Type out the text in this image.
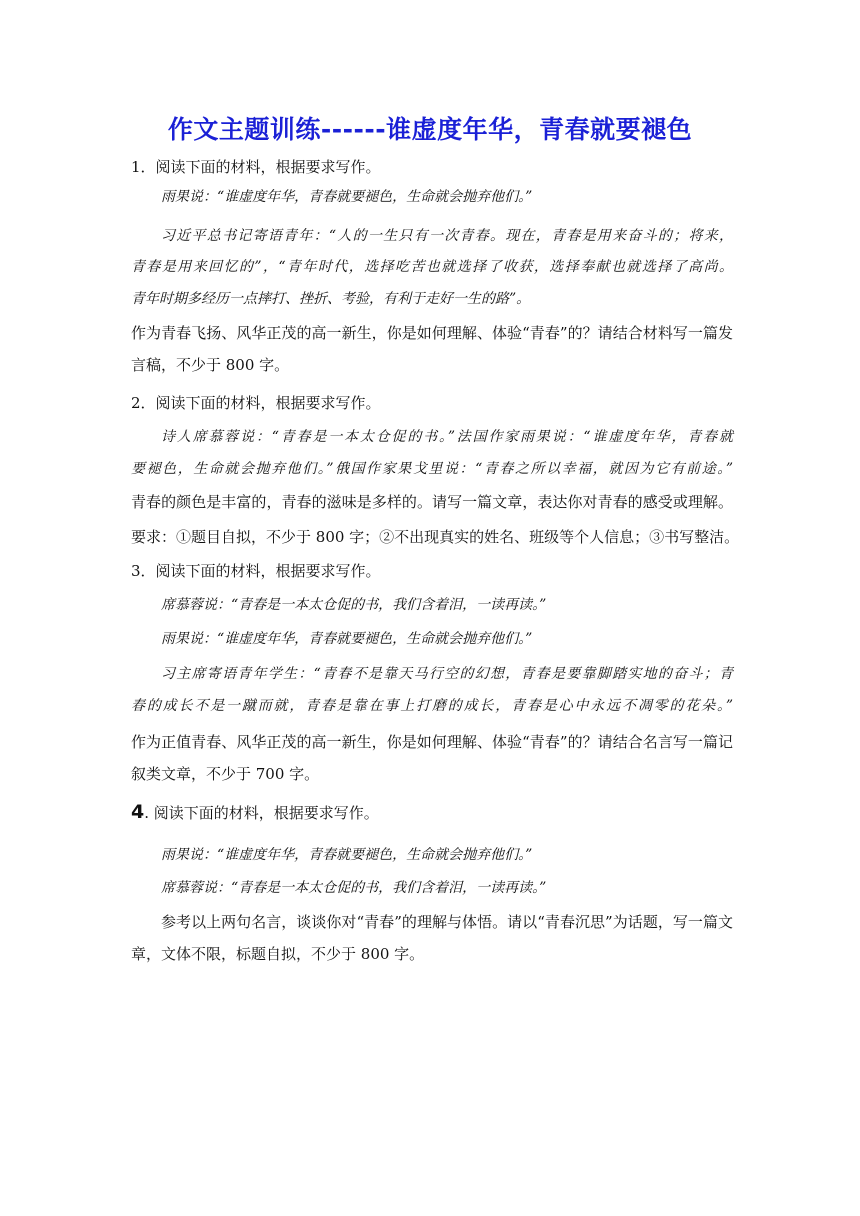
作文主题训练------谁虚度年华，青春就要褪色
1．阅读下面的材料，根据要求写作。
雨果说：“谁虚度年华，青春就要褪色，生命就会抛弃他们。”
习近平总书记寄语青年：“人的一生只有一次青春。现在，青春是用来奋斗的；将来，
青春是用来回忆的”，“青年时代，选择吃苦也就选择了收获，选择奉献也就选择了高尚。
青年时期多经历一点摔打、挫折、考验，有利于走好一生的路”。
作为青春飞扬、风华正茂的高一新生，你是如何理解、体验“青春”的？请结合材料写一篇发
言稿，不少于 800 字。
2．阅读下面的材料，根据要求写作。
诗人席慕蓉说：“青春是一本太仓促的书。”法国作家雨果说：“谁虚度年华，青春就
要褪色，生命就会抛弃他们。”俄国作家果戈里说：“青春之所以幸福，就因为它有前途。”
青春的颜色是丰富的，青春的滋味是多样的。请写一篇文章，表达你对青春的感受或理解。
要求：①题目自拟，不少于 800 字；②不出现真实的姓名、班级等个人信息；③书写整洁。
3．阅读下面的材料，根据要求写作。
席慕蓉说：“青春是一本太仓促的书，我们含着泪，一读再读。”
雨果说：“谁虚度年华，青春就要褪色，生命就会抛弃他们。”
习主席寄语青年学生：“青春不是靠天马行空的幻想，青春是要靠脚踏实地的奋斗；青
春的成长不是一蹴而就，青春是靠在事上打磨的成长，青春是心中永远不凋零的花朵。”
作为正值青春、风华正茂的高一新生，你是如何理解、体验“青春”的？请结合名言写一篇记
叙类文章，不少于 700 字。
4. 阅读下面的材料，根据要求写作。
雨果说：“谁虚度年华，青春就要褪色，生命就会抛弃他们。”
席慕蓉说：“青春是一本太仓促的书，我们含着泪，一读再读。”
参考以上两句名言，谈谈你对“青春”的理解与体悟。请以“青春沉思”为话题，写一篇文
章，文体不限，标题自拟，不少于 800 字。
